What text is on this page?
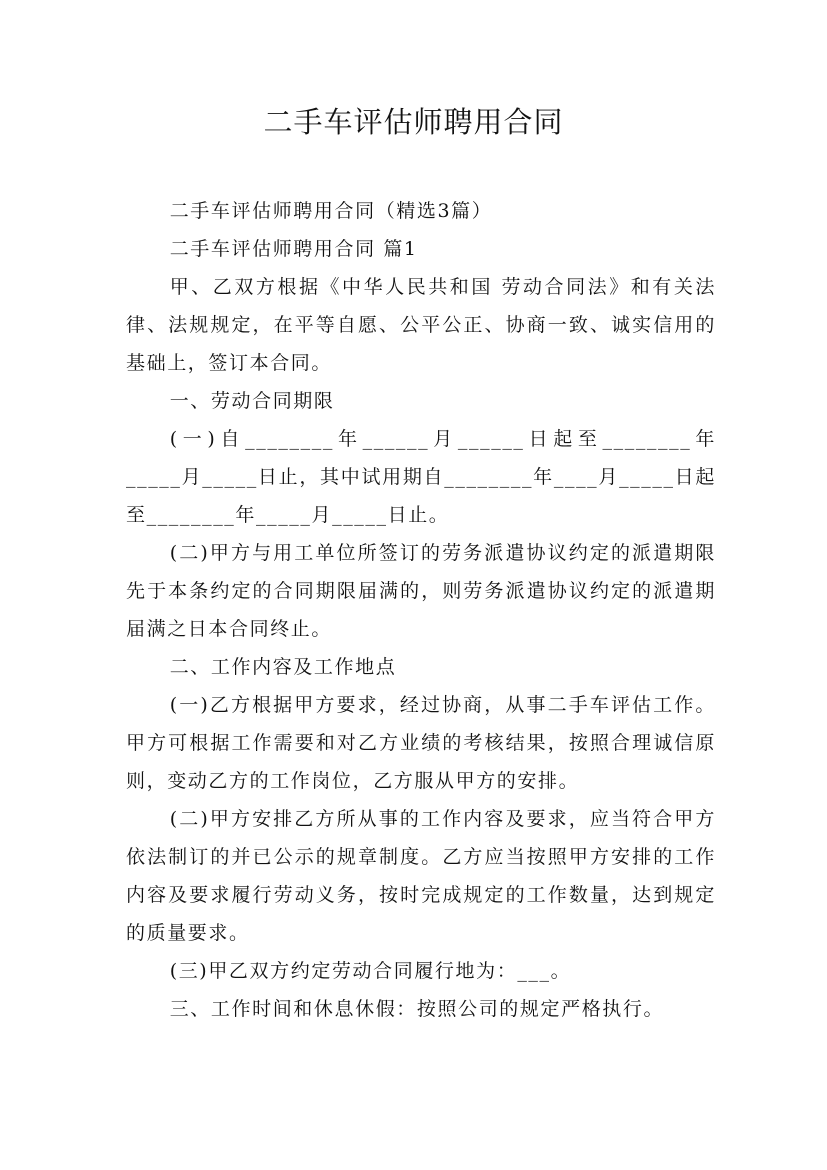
二手车评估师聘用合同

二手车评估师聘用合同（精选3篇）

二手车评估师聘用合同 篇1

甲、乙双方根据《中华人民共和国 劳动合同法》和有关法律、法规规定，在平等自愿、公平公正、协商一致、诚实信用的基础上，签订本合同。

一、劳动合同期限

(一)自________年______月______日起至________年_____月_____日止，其中试用期自________年____月_____日起至________年_____月_____日止。

(二)甲方与用工单位所签订的劳务派遣协议约定的派遣期限先于本条约定的合同期限届满的，则劳务派遣协议约定的派遣期届满之日本合同终止。

二、工作内容及工作地点

(一)乙方根据甲方要求，经过协商，从事二手车评估工作。甲方可根据工作需要和对乙方业绩的考核结果，按照合理诚信原则，变动乙方的工作岗位，乙方服从甲方的安排。

(二)甲方安排乙方所从事的工作内容及要求，应当符合甲方依法制订的并已公示的规章制度。乙方应当按照甲方安排的工作内容及要求履行劳动义务，按时完成规定的工作数量，达到规定的质量要求。

(三)甲乙双方约定劳动合同履行地为：___。

三、工作时间和休息休假：按照公司的规定严格执行。
